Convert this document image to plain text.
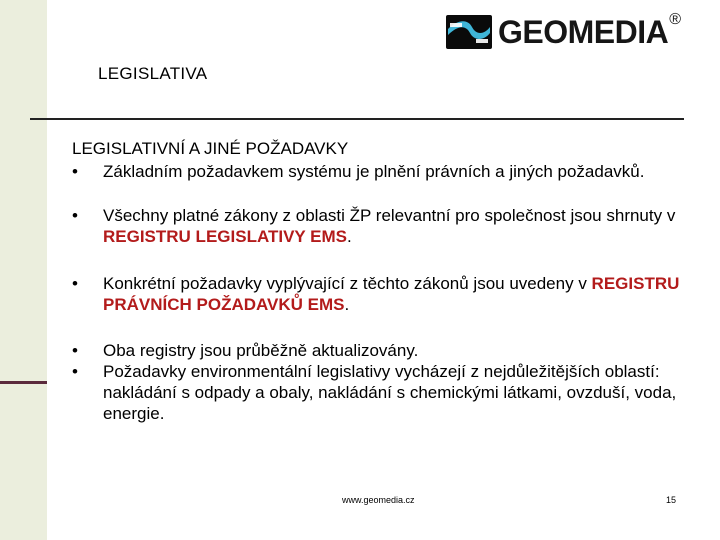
GEOMEDIA®
LEGISLATIVA
LEGISLATIVNÍ A JINÉ POŽADAVKY
• Základním požadavkem systému je plnění právních a jiných požadavků.
• Všechny platné zákony z oblasti ŽP relevantní pro společnost jsou shrnuty v REGISTRU LEGISLATIVY EMS.
• Konkrétní požadavky vyplývající z těchto zákonů jsou uvedeny v REGISTRU PRÁVNÍCH POŽADAVKŮ EMS.
• Oba registry jsou průběžně aktualizovány.
• Požadavky environmentální legislativy vycházejí z nejdůležitějších oblastí: nakládání s odpady a obaly, nakládání s chemickými látkami, ovzduší, voda, energie.
www.geomedia.cz	15
